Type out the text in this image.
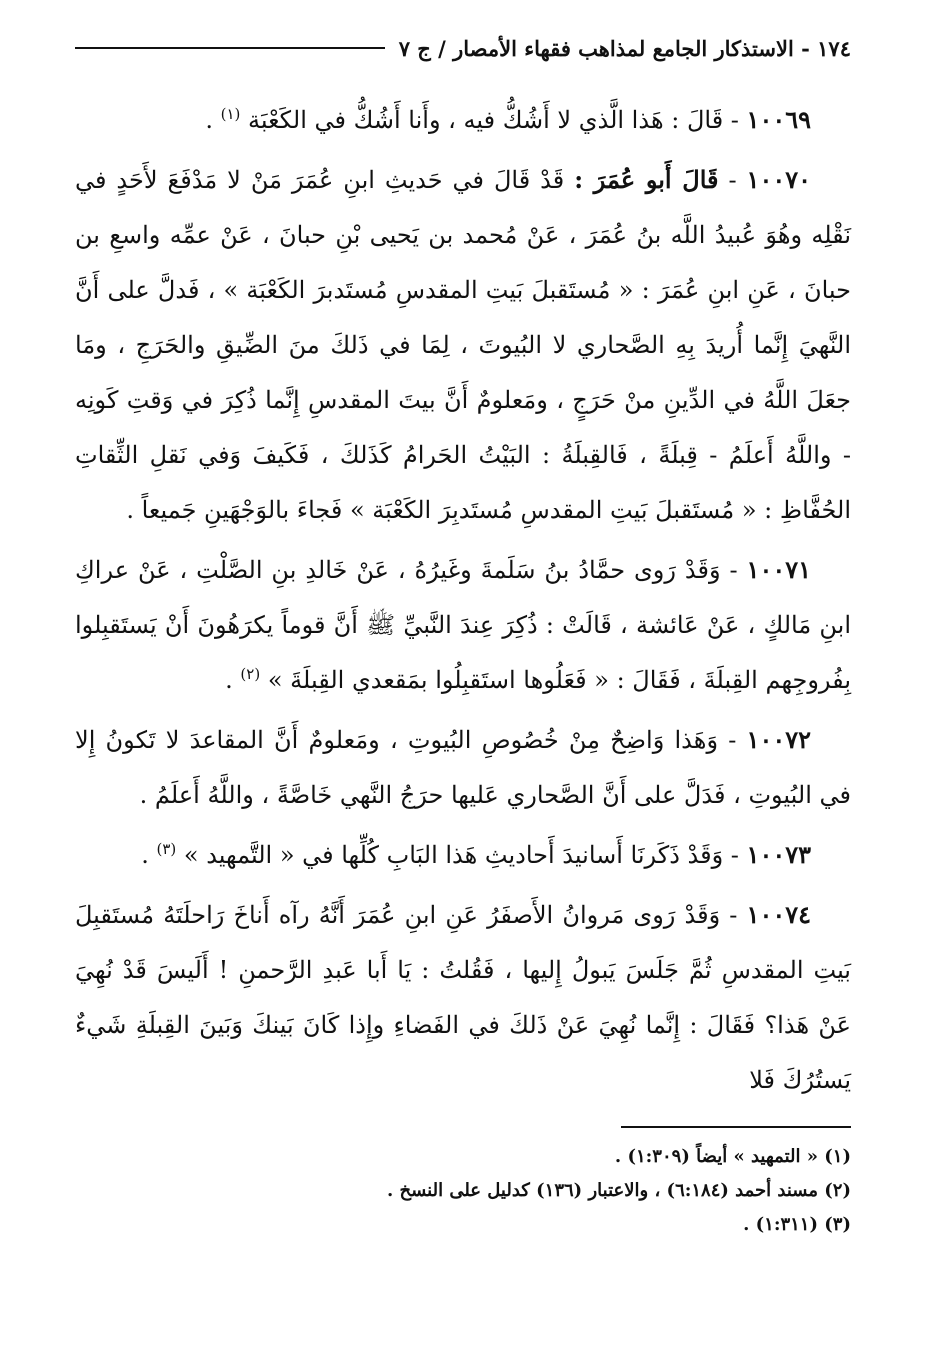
١٧٤ - الاستذكار الجامع لمذاهب فقهاء الأمصار / ج ٧

١٠٠٦٩ - قَالَ : هَذا الَّذي لا أَشُكُّ فيه ، وأَنا أَشُكُّ في الكَعْبَة $^{(١)}$ .

١٠٠٧٠ - قَالَ أَبو عُمَرَ : قَدْ قَالَ في حَديثِ ابنِ عُمَرَ مَنْ لا مَدْفَعَ لأَحَدٍ في نَقْلِه وهُوَ عُبيدُ اللَّه بنُ عُمَرَ ، عَنْ مُحمد بن يَحيى بْنِ حبانَ ، عَنْ عمِّه واسعِ بن حبانَ ، عَنِ ابنِ عُمَرَ : « مُستَقبلَ بَيتِ المقدسِ مُستَدبرَ الكَعْبَة » ، فَدلَّ على أَنَّ النَّهيَ إِنَّما أُريدَ بِهِ الصَّحاري لا البُيوتَ ، لِمَا في ذَلكَ منَ الضِّيقِ والحَرَجِ ، ومَا جعَلَ اللَّهُ في الدِّينِ منْ حَرَجٍ ، ومَعلومٌ أَنَّ بيتَ المقدسِ إِنَّما ذُكِرَ في وَقتِ كَونِه - واللَّهُ أَعلَمُ - قِبلَةً ، فَالقِبلَةُ : البَيْتُ الحَرامُ كَذَلكَ ، فَكَيفَ وَفي نَقلِ الثِّقاتِ الحُفَّاظِ : « مُستَقبلَ بَيتِ المقدسِ مُستَدبِرَ الكَعْبَة » فَجاءَ بالوَجْهَينِ جَميعاً .

١٠٠٧١ - وَقَدْ رَوى حمَّادُ بنُ سَلَمةَ وغَيرُهُ ، عَنْ خَالدِ بنِ الصَّلْتِ ، عَنْ عراكِ ابنِ مَالكٍ ، عَنْ عَائشة ، قَالَتْ : ذُكِرَ عِندَ النَّبيِّ ﷺ أَنَّ قوماً يكرَهُونَ أَنْ يَستَقبِلوا بِفُروجِهم القِبلَةَ ، فَقَالَ : « فَعَلُوها استَقبِلُوا بمَقعدي القِبلَةَ » $^{(٢)}$ .

١٠٠٧٢ - وَهَذا وَاضِحٌ مِنْ خُصُوصِ البُيوتِ ، ومَعلومٌ أَنَّ المقاعدَ لا تَكونُ إِلا في البُيوتِ ، فَدَلَّ على أَنَّ الصَّحاري عَليها حرَجُ النَّهي خَاصَّةً ، واللَّهُ أَعلَمُ .

١٠٠٧٣ - وَقَدْ ذَكَرنَا أَسانيدَ أَحاديثِ هَذا البَابِ كُلِّها في « التَّمهيد » $^{(٣)}$ .

١٠٠٧٤ - وَقَدْ رَوى مَروانُ الأَصفَرُ عَنِ ابنِ عُمَرَ أَنَّهُ رآه أَناخَ رَاحلَتَهُ مُستَقبِلَ بَيتِ المقدسِ ثُمَّ جَلَسَ يَبولُ إِليها ، فَقُلتُ : يَا أَبا عَبدِ الرَّحمنِ ! أَلَيسَ قَدْ نُهِيَ عَنْ هَذا؟ فَقَالَ : إِنَّما نُهِيَ عَنْ ذَلكَ في الفَضاءِ وإِذا كَانَ بَينكَ وَبَينَ القِبلَةِ شَيءٌ يَستُرُكَ فَلا

(١) « التمهيد » أيضاً (١:٣٠٩) .

(٢) مسند أحمد (٦:١٨٤) ، والاعتبار (١٣٦) كدليل على النسخ .

(٣) (١:٣١١) .
